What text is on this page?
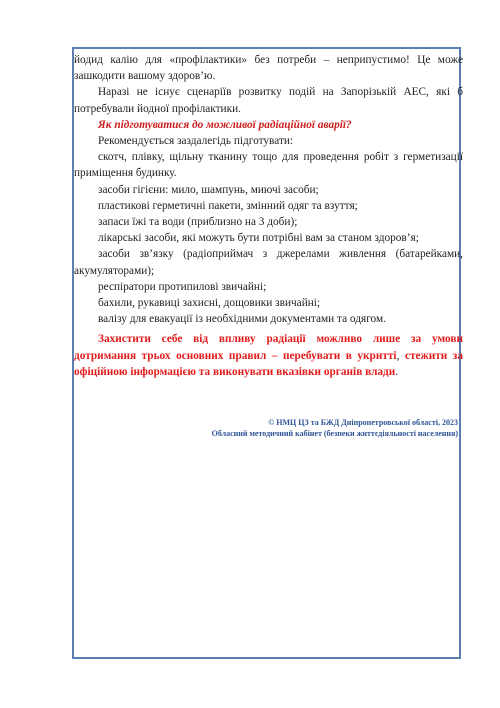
йодид калію для «профілактики» без потреби – неприпустимо! Це може зашкодити вашому здоров’ю.

Наразі не існує сценаріїв розвитку подій на Запорізькій АЕС, які б потребували йодної профілактики.

Як підготуватися до можливої радіаційної аварії?

Рекомендується заздалегідь підготувати:

скотч, плівку, щільну тканину тощо для проведення робіт з герметизації приміщення будинку.

засоби гігієни: мило, шампунь, миючі засоби;

пластикові герметичні пакети, змінний одяг та взуття;

запаси їжі та води (приблизно на 3 доби);

лікарські засоби, які можуть бути потрібні вам за станом здоров’я;

засоби зв’язку (радіоприймач з джерелами живлення (батарейками, акумуляторами);

респіратори протипилові звичайні;

бахили, рукавиці захисні, дощовики звичайні;

валізу для евакуації із необхідними документами та одягом.

Захистити себе від впливу радіації можливо лише за умови дотримання трьох основних правил – перебувати в укритті, стежити за офіційною інформацією та виконувати вказівки органів влади.

© НМЦ ЦЗ та БЖД Дніпропетровської області, 2023
Обласний методичний кабінет (безпеки життєдіяльності населення)
